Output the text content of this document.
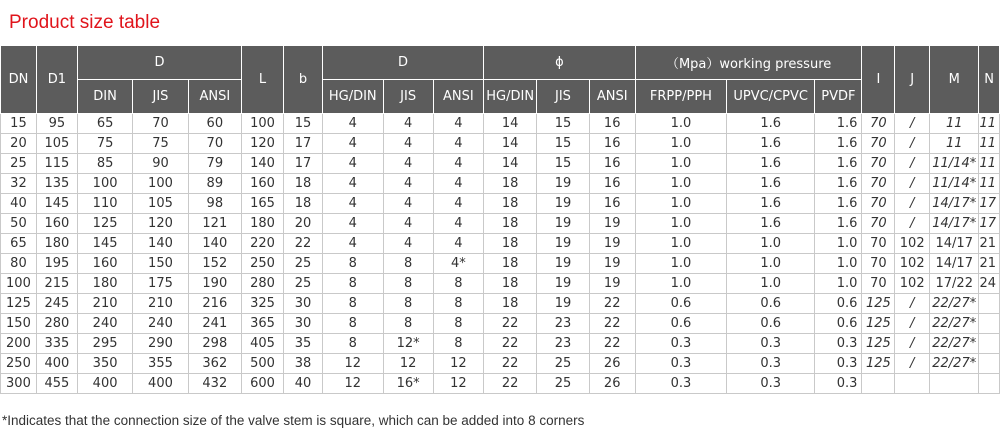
Product size table
DN	D1	D			L	b	D			ϕ			（Mpa）working pressure			I	J	M	N
		DIN	JIS	ANSI			HG/DIN	JIS	ANSI	HG/DIN	JIS	ANSI	FRPP/PPH	UPVC/CPVC	PVDF				
15	95	65	70	60	100	15	4	4	4	14	15	16	1.0	1.6	1.6	70	/	11	11
20	105	75	75	70	120	17	4	4	4	14	15	16	1.0	1.6	1.6	70	/	11	11
25	115	85	90	79	140	17	4	4	4	14	15	16	1.0	1.6	1.6	70	/	11/14*	11
32	135	100	100	89	160	18	4	4	4	18	19	16	1.0	1.6	1.6	70	/	11/14*	11
40	145	110	105	98	165	18	4	4	4	18	19	16	1.0	1.6	1.6	70	/	14/17*	17
50	160	125	120	121	180	20	4	4	4	18	19	19	1.0	1.6	1.6	70	/	14/17*	17
65	180	145	140	140	220	22	4	4	4	18	19	19	1.0	1.0	1.0	70	102	14/17	21
80	195	160	150	152	250	25	8	8	4*	18	19	19	1.0	1.0	1.0	70	102	14/17	21
100	215	180	175	190	280	25	8	8	8	18	19	19	1.0	1.0	1.0	70	102	17/22	24
125	245	210	210	216	325	30	8	8	8	18	19	22	0.6	0.6	0.6	125	/	22/27*	
150	280	240	240	241	365	30	8	8	8	22	23	22	0.6	0.6	0.6	125	/	22/27*	
200	335	295	290	298	405	35	8	12*	8	22	23	22	0.3	0.3	0.3	125	/	22/27*	
250	400	350	355	362	500	38	12	12	12	22	25	26	0.3	0.3	0.3	125	/	22/27*	
300	455	400	400	432	600	40	12	16*	12	22	25	26	0.3	0.3	0.3				
*Indicates that the connection size of the valve stem is square, which can be added into 8 corners
